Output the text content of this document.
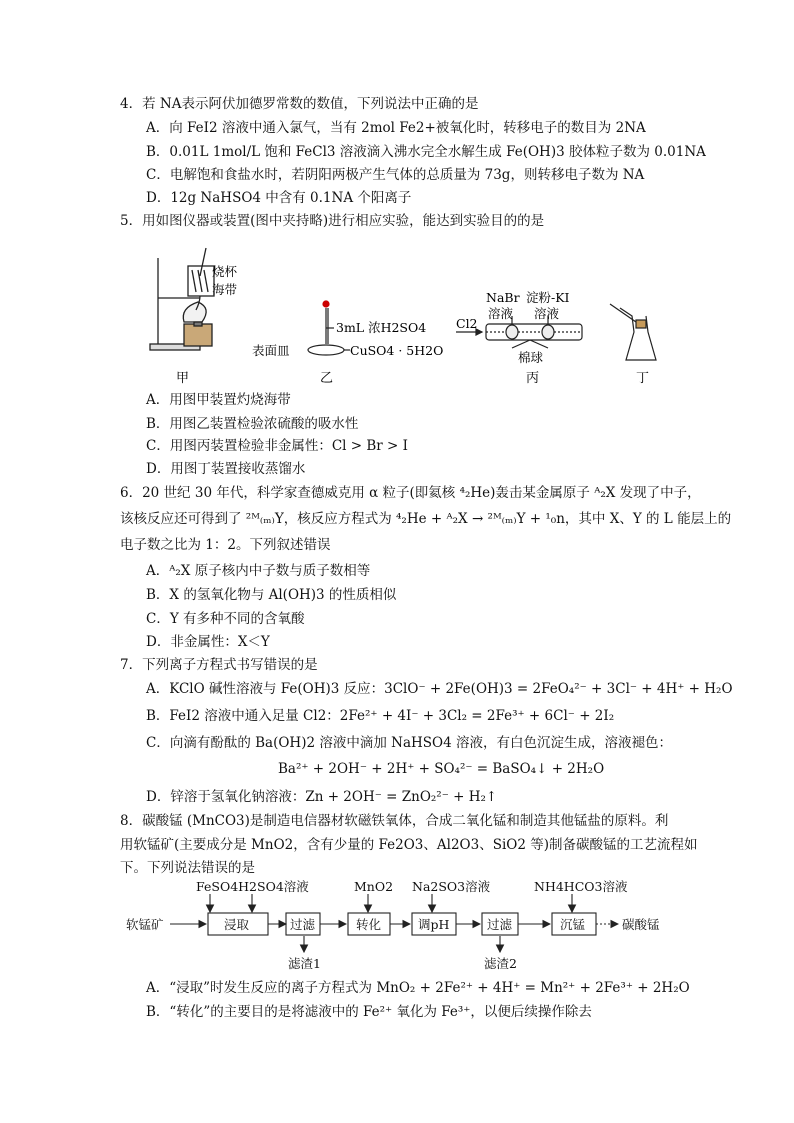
4．若 NA表示阿伏加德罗常数的数值，下列说法中正确的是
A．向 FeI2 溶液中通入氯气，当有 2mol Fe2+被氧化时，转移电子的数目为 2NA
B．0.01L 1mol/L 饱和 FeCl3 溶液滴入沸水完全水解生成 Fe(OH)3 胶体粒子数为 0.01NA
C．电解饱和食盐水时，若阴阳两极产生气体的总质量为 73g，则转移电子数为 NA
D．12g NaHSO4 中含有 0.1NA 个阳离子
5．用如图仪器或装置(图中夹持略)进行相应实验，能达到实验目的的是
烧杯
海带
甲
3mL 浓H2SO4
表面皿	CuSO4 · 5H2O
乙
Cl2
NaBr
溶液
淀粉-KI
溶液
棉球
丙	丁
A．用图甲装置灼烧海带
B．用图乙装置检验浓硫酸的吸水性
C．用图丙装置检验非金属性：Cl > Br > I
D．用图丁装置接收蒸馏水
6．20 世纪 30 年代，科学家查德威克用 α 粒子(即氦核 ⁴₂He)轰击某金属原子 ᴬ₂X 发现了中子，
该核反应还可得到了 ²ᴹ₍ₘ₎Y，核反应方程式为 ⁴₂He + ᴬ₂X → ²ᴹ₍ₘ₎Y + ¹₀n，其中 X、Y 的 L 能层上的
电子数之比为 1：2。下列叙述错误
A．ᴬ₂X 原子核内中子数与质子数相等
B．X 的氢氧化物与 Al(OH)3 的性质相似
C．Y 有多种不同的含氧酸
D．非金属性：X＜Y
7．下列离子方程式书写错误的是
A．KClO 碱性溶液与 Fe(OH)3 反应：3ClO⁻ + 2Fe(OH)3 = 2FeO₄²⁻ + 3Cl⁻ + 4H⁺ + H₂O
B．FeI2 溶液中通入足量 Cl2：2Fe²⁺ + 4I⁻ + 3Cl₂ = 2Fe³⁺ + 6Cl⁻ + 2I₂
C．向滴有酚酞的 Ba(OH)2 溶液中滴加 NaHSO4 溶液，有白色沉淀生成，溶液褪色：
Ba²⁺ + 2OH⁻ + 2H⁺ + SO₄²⁻ = BaSO₄↓ + 2H₂O
D．锌溶于氢氧化钠溶液：Zn + 2OH⁻ = ZnO₂²⁻ + H₂↑
8．碳酸锰 (MnCO3)是制造电信器材软磁铁氧体，合成二氧化锰和制造其他锰盐的原料。利
用软锰矿(主要成分是 MnO2，含有少量的 Fe2O3、Al2O3、SiO2 等)制备碳酸锰的工艺流程如
下。下列说法错误的是
软锰矿
FeSO4H2SO4溶液	MnO2 Na2SO3溶液	NH4HCO3溶液
浸取	过滤	转化	调pH	过滤	沉锰	碳酸锰
滤渣1	滤渣2
A．“浸取”时发生反应的离子方程式为 MnO₂ + 2Fe²⁺ + 4H⁺ = Mn²⁺ + 2Fe³⁺ + 2H₂O
B．“转化”的主要目的是将滤液中的 Fe²⁺ 氧化为 Fe³⁺，以便后续操作除去
